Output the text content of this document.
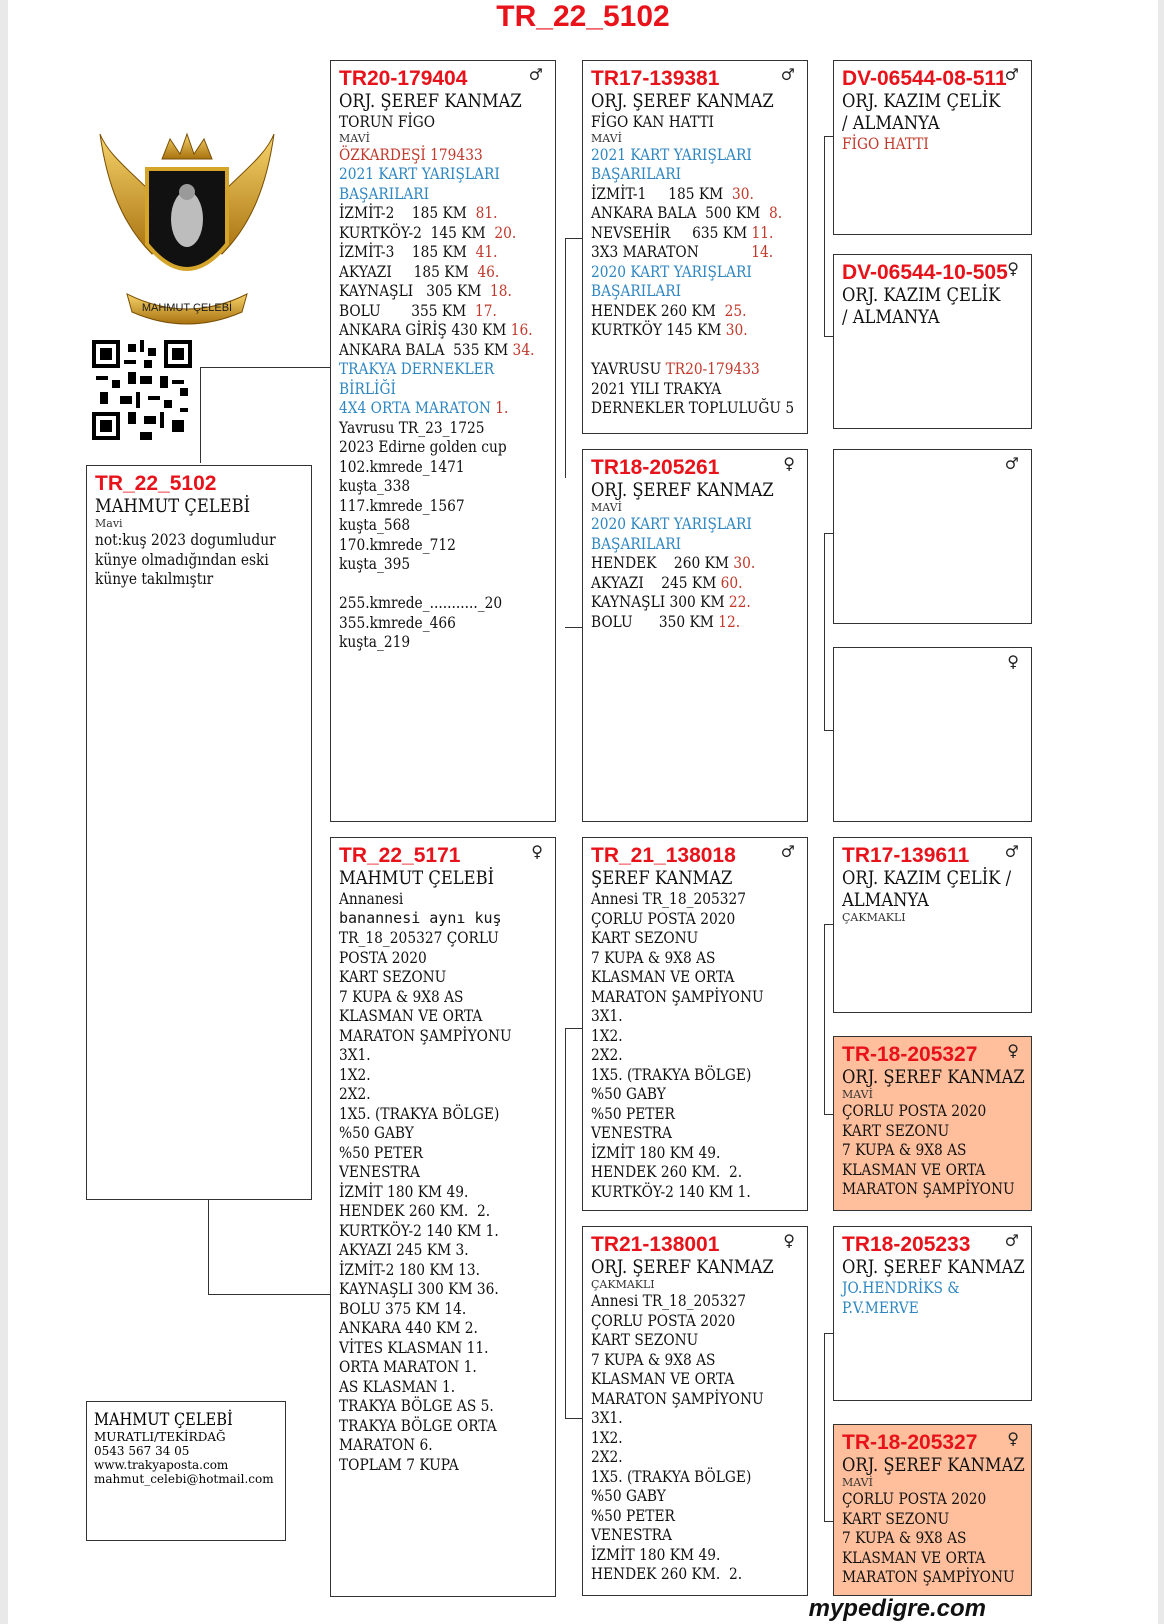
TR_22_5102
MAHMUT ÇELEBİ
TR_22_5102
MAHMUT ÇELEBİ
Mavi
not:kuş 2023 dogumludur
künye olmadığından eski
künye takılmıştır
♂
TR20-179404
ORJ. ŞEREF KANMAZ
TORUN FİGO
MAVİ
ÖZKARDEŞİ 179433
2021 KART YARIŞLARI
BAŞARILARI
İZMİT-2    185 KM  81.
KURTKÖY-2  145 KM  20.
İZMİT-3    185 KM  41.
AKYAZI     185 KM  46.
KAYNAŞLI   305 KM  18.
BOLU       355 KM  17.
ANKARA GİRİŞ 430 KM 16.
ANKARA BALA  535 KM 34.
TRAKYA DERNEKLER
BİRLİĞİ
4X4 ORTA MARATON 1.
Yavrusu TR_23_1725
2023 Edirne golden cup
102.kmrede_1471
kuşta_338
117.kmrede_1567
kuşta_568
170.kmrede_712
kuşta_395

255.kmrede_..........._20
355.kmrede_466
kuşta_219
♀
TR_22_5171
MAHMUT ÇELEBİ
Annanesi
banannesi aynı kuş
TR_18_205327 ÇORLU
POSTA 2020
KART SEZONU
7 KUPA & 9X8 AS
KLASMAN VE ORTA
MARATON ŞAMPİYONU
3X1.
1X2.
2X2.
1X5. (TRAKYA BÖLGE)
%50 GABY
%50 PETER
VENESTRA
İZMİT 180 KM 49.
HENDEK 260 KM.  2.
KURTKÖY-2 140 KM 1.
AKYAZI 245 KM 3.
İZMİT-2 180 KM 13.
KAYNAŞLI 300 KM 36.
BOLU 375 KM 14.
ANKARA 440 KM 2.
VİTES KLASMAN 11.
ORTA MARATON 1.
AS KLASMAN 1.
TRAKYA BÖLGE AS 5.
TRAKYA BÖLGE ORTA
MARATON 6.
TOPLAM 7 KUPA
♂
TR17-139381
ORJ. ŞEREF KANMAZ
FİGO KAN HATTI
MAVİ
2021 KART YARIŞLARI
BAŞARILARI
İZMİT-1     185 KM  30.
ANKARA BALA  500 KM  8.
NEVSEHİR     635 KM 11.
3X3 MARATON            14.
2020 KART YARIŞLARI
BAŞARILARI
HENDEK 260 KM  25.
KURTKÖY 145 KM 30.

YAVRUSU TR20-179433
2021 YILI TRAKYA
DERNEKLER TOPLULUĞU 5
♀
TR18-205261
ORJ. ŞEREF KANMAZ
MAVİ
2020 KART YARIŞLARI
BAŞARILARI
HENDEK    260 KM 30.
AKYAZI    245 KM 60.
KAYNAŞLI 300 KM 22.
BOLU      350 KM 12.
♂
TR_21_138018
ŞEREF KANMAZ
Annesi TR_18_205327
ÇORLU POSTA 2020
KART SEZONU
7 KUPA & 9X8 AS
KLASMAN VE ORTA
MARATON ŞAMPİYONU
3X1.
1X2.
2X2.
1X5. (TRAKYA BÖLGE)
%50 GABY
%50 PETER
VENESTRA
İZMİT 180 KM 49.
HENDEK 260 KM.  2.
KURTKÖY-2 140 KM 1.
♀
TR21-138001
ORJ. ŞEREF KANMAZ
ÇAKMAKLI
Annesi TR_18_205327
ÇORLU POSTA 2020
KART SEZONU
7 KUPA & 9X8 AS
KLASMAN VE ORTA
MARATON ŞAMPİYONU
3X1.
1X2.
2X2.
1X5. (TRAKYA BÖLGE)
%50 GABY
%50 PETER
VENESTRA
İZMİT 180 KM 49.
HENDEK 260 KM.  2.
♂
DV-06544-08-511
ORJ. KAZIM ÇELİK
/ ALMANYA
FİGO HATTI
♀
DV-06544-10-505
ORJ. KAZIM ÇELİK
/ ALMANYA
♂
♀
♂
TR17-139611
ORJ. KAZIM ÇELİK /
ALMANYA
ÇAKMAKLI
♀
TR-18-205327
ORJ. ŞEREF KANMAZ
MAVİ
ÇORLU POSTA 2020
KART SEZONU
7 KUPA & 9X8 AS
KLASMAN VE ORTA
MARATON ŞAMPİYONU
♂
TR18-205233
ORJ. ŞEREF KANMAZ
JO.HENDRİKS &
P.V.MERVE
♀
TR-18-205327
ORJ. ŞEREF KANMAZ
MAVİ
ÇORLU POSTA 2020
KART SEZONU
7 KUPA & 9X8 AS
KLASMAN VE ORTA
MARATON ŞAMPİYONU
MAHMUT ÇELEBİ
MURATLI/TEKİRDAĞ
0543 567 34 05
www.trakyaposta.com
mahmut_celebi@hotmail.com
mypedigre.com
